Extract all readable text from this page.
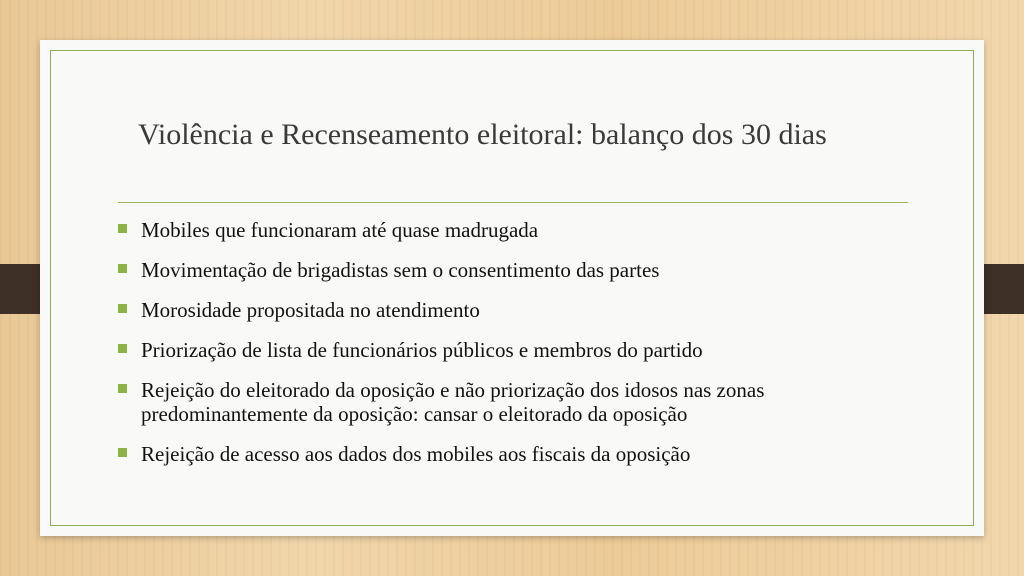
Violência e Recenseamento eleitoral: balanço dos 30 dias
Mobiles que funcionaram até quase madrugada
Movimentação de brigadistas sem o consentimento das partes
Morosidade propositada no atendimento
Priorização de lista de funcionários públicos e membros do partido
Rejeição do eleitorado da oposição e não priorização dos idosos nas zonas predominantemente da oposição: cansar o eleitorado da oposição
Rejeição de acesso aos dados dos mobiles aos fiscais da oposição
